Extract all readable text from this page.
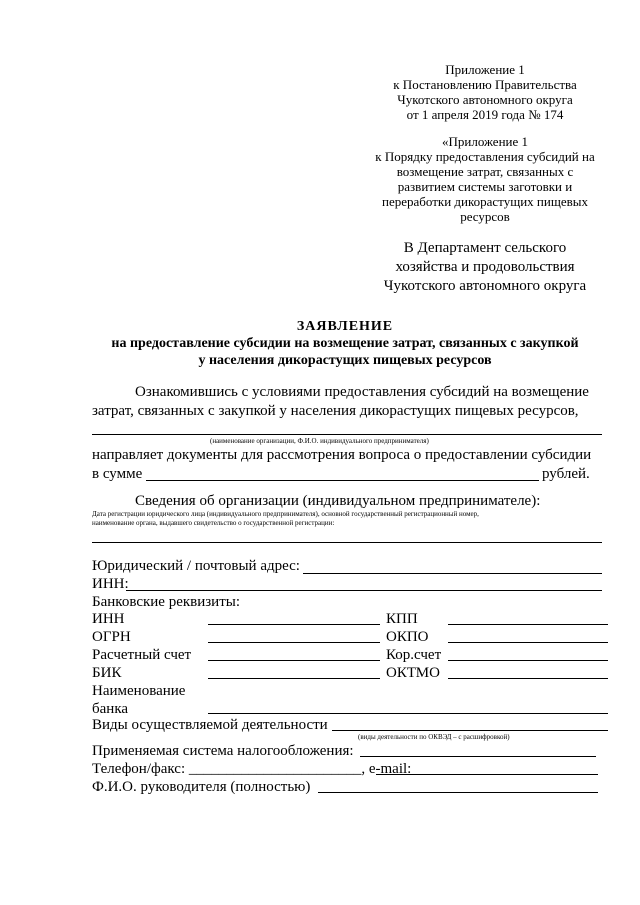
Приложение 1
к Постановлению Правительства
Чукотского автономного округа
от 1 апреля 2019 года № 174
«Приложение 1
к Порядку предоставления субсидий на
возмещение затрат, связанных с
развитием системы заготовки и
переработки дикорастущих пищевых
ресурсов
В Департамент сельского
хозяйства и продовольствия
Чукотского автономного округа
ЗАЯВЛЕНИЕ
на предоставление субсидии на возмещение затрат, связанных с закупкой
у населения дикорастущих пищевых ресурсов
Ознакомившись с условиями предоставления субсидий на возмещение
затрат, связанных с закупкой у населения дикорастущих пищевых ресурсов,
(наименование организации, Ф.И.О. индивидуального предпринимателя)
направляет документы для рассмотрения вопроса о предоставлении субсидии
в сумме	рублей.
Сведения об организации (индивидуальном предпринимателе):
Дата регистрации юридического лица (индивидуального предпринимателя), основной государственный регистрационный номер,
наименование органа, выдавшего свидетельство о государственной регистрации:
Юридический / почтовый адрес:
ИНН:
Банковские реквизиты:
ИНН	КПП
ОГРН	ОКПО
Расчетный счет	Кор.счет
БИК	ОКТМО
Наименование
банка
Виды осуществляемой деятельности
(виды деятельности по ОКВЭД – с расшифровкой)
Применяемая система налогообложения:
Телефон/факс: _______________________, e-mail:
Ф.И.О. руководителя (полностью)
